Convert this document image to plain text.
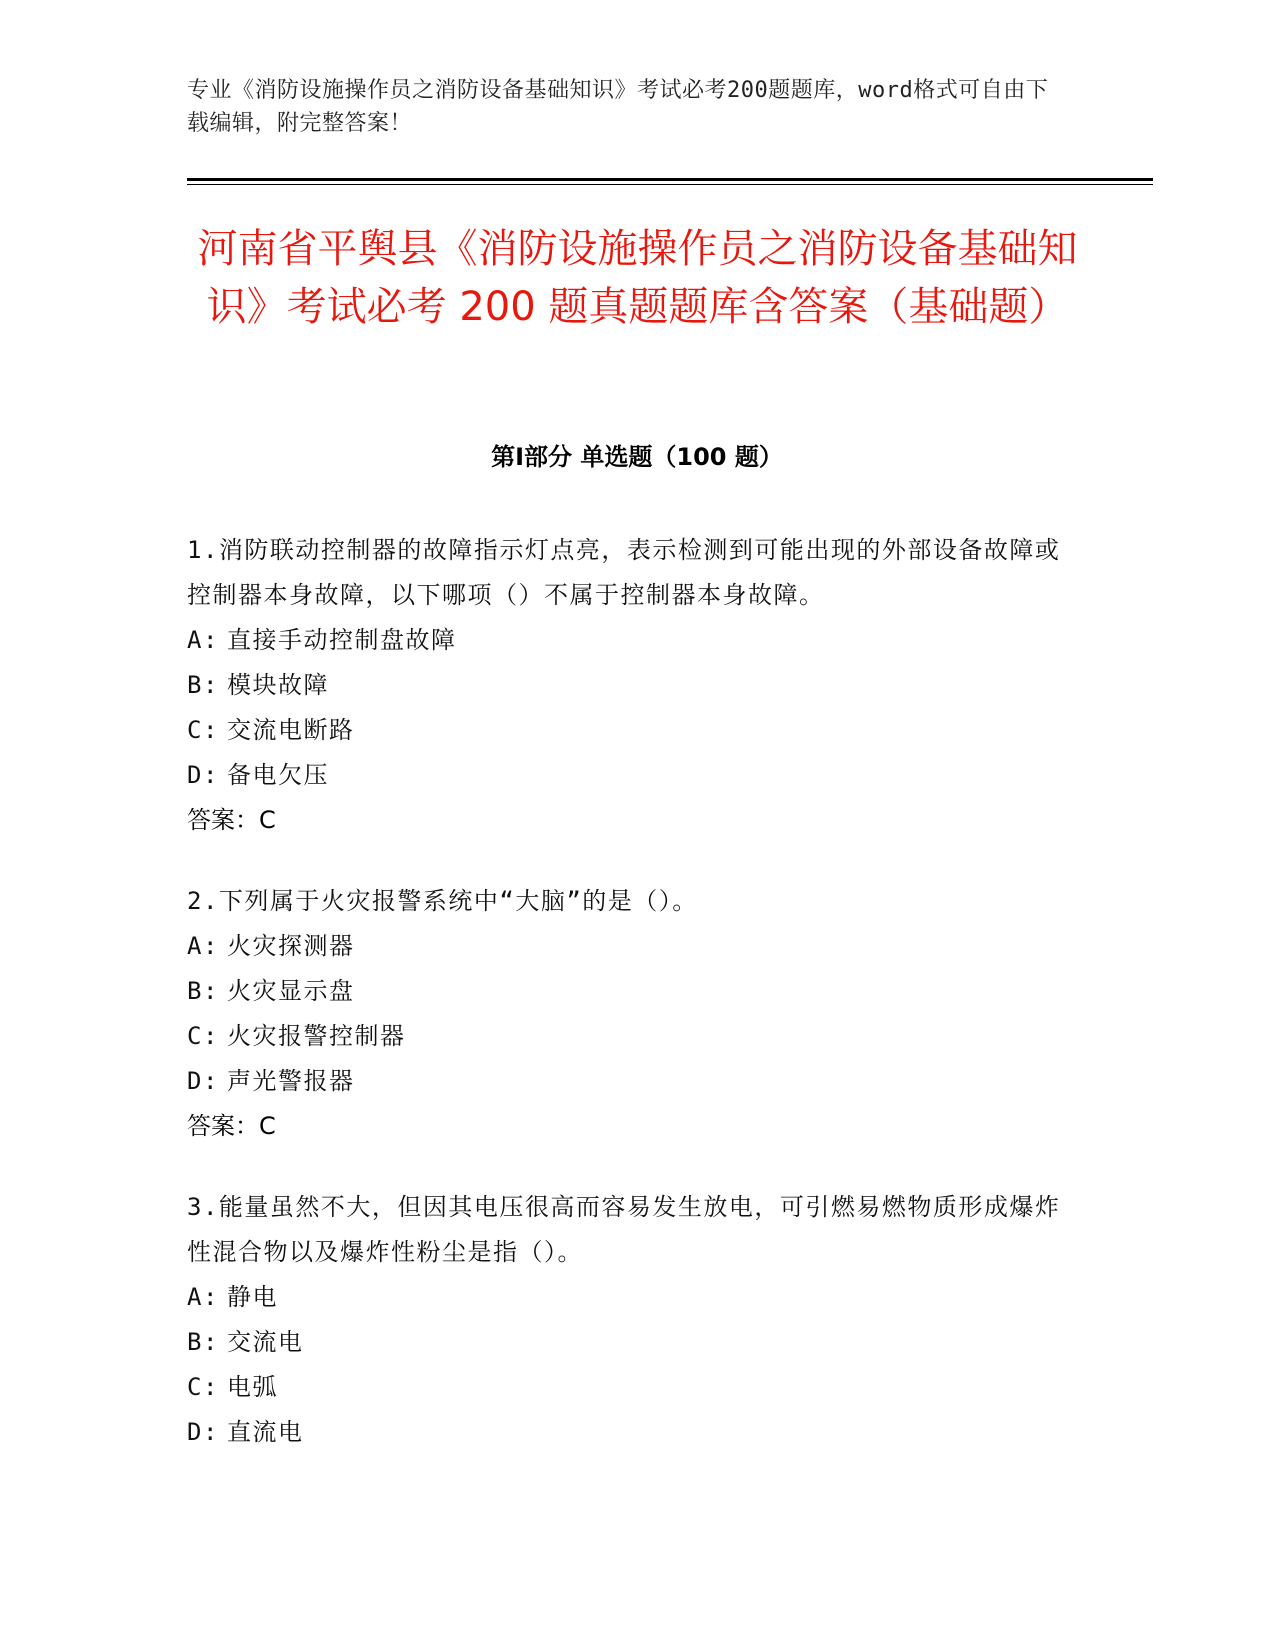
专业《消防设施操作员之消防设备基础知识》考试必考200题题库，word格式可自由下载编辑，附完整答案！
河南省平舆县《消防设施操作员之消防设备基础知识》考试必考 200 题真题题库含答案（基础题）
第Ⅰ部分 单选题（100 题）
1.消防联动控制器的故障指示灯点亮，表示检测到可能出现的外部设备故障或控制器本身故障，以下哪项（）不属于控制器本身故障。
A: 直接手动控制盘故障
B: 模块故障
C: 交流电断路
D: 备电欠压
答案：C
2.下列属于火灾报警系统中“大脑”的是（）。
A: 火灾探测器
B: 火灾显示盘
C: 火灾报警控制器
D: 声光警报器
答案：C
3.能量虽然不大，但因其电压很高而容易发生放电，可引燃易燃物质形成爆炸性混合物以及爆炸性粉尘是指（）。
A: 静电
B: 交流电
C: 电弧
D: 直流电
